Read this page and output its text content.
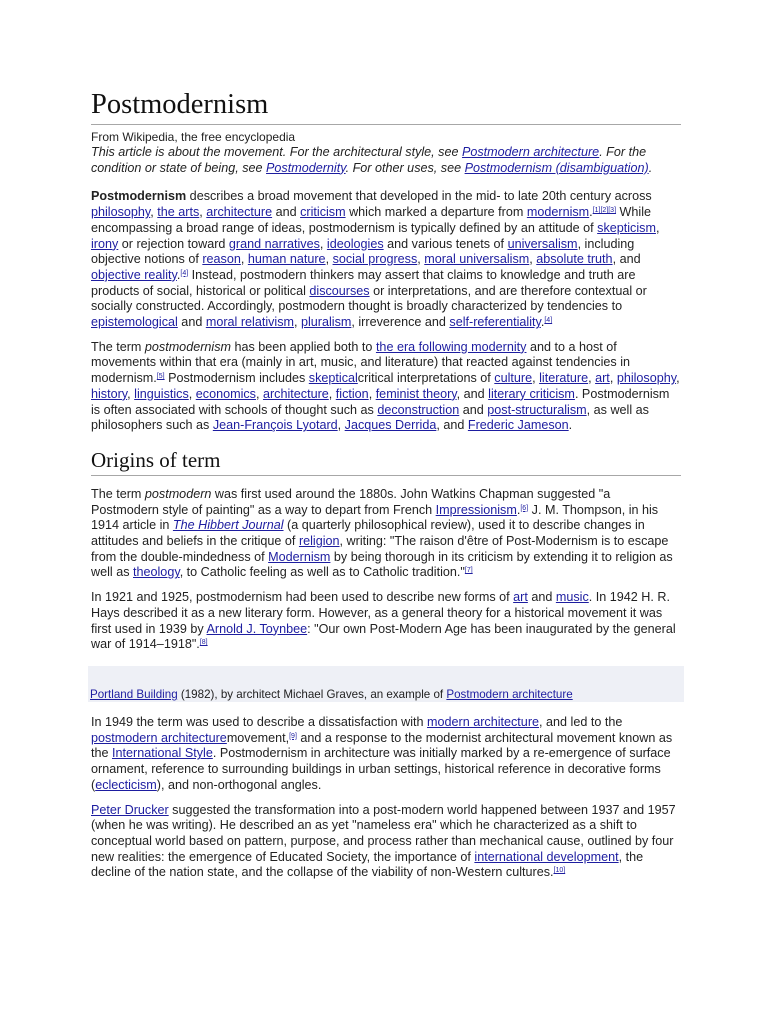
Postmodernism

From Wikipedia, the free encyclopedia

This article is about the movement. For the architectural style, see Postmodern architecture. For the condition or state of being, see Postmodernity. For other uses, see Postmodernism (disambiguation).

Postmodernism describes a broad movement that developed in the mid- to late 20th century across philosophy, the arts, architecture and criticism which marked a departure from modernism.[1][2][3] While encompassing a broad range of ideas, postmodernism is typically defined by an attitude of skepticism, irony or rejection toward grand narratives, ideologies and various tenets of universalism, including objective notions of reason, human nature, social progress, moral universalism, absolute truth, and objective reality.[4] Instead, postmodern thinkers may assert that claims to knowledge and truth are products of social, historical or political discourses or interpretations, and are therefore contextual or socially constructed. Accordingly, postmodern thought is broadly characterized by tendencies to epistemological and moral relativism, pluralism, irreverence and self-referentiality.[4]

The term postmodernism has been applied both to the era following modernity and to a host of movements within that era (mainly in art, music, and literature) that reacted against tendencies in modernism.[5] Postmodernism includes skepticalcritical interpretations of culture, literature, art, philosophy, history, linguistics, economics, architecture, fiction, feminist theory, and literary criticism. Postmodernism is often associated with schools of thought such as deconstruction and post-structuralism, as well as philosophers such as Jean-François Lyotard, Jacques Derrida, and Frederic Jameson.

Origins of term

The term postmodern was first used around the 1880s. John Watkins Chapman suggested "a Postmodern style of painting" as a way to depart from French Impressionism.[6] J. M. Thompson, in his 1914 article in The Hibbert Journal (a quarterly philosophical review), used it to describe changes in attitudes and beliefs in the critique of religion, writing: "The raison d'être of Post-Modernism is to escape from the double-mindedness of Modernism by being thorough in its criticism by extending it to religion as well as theology, to Catholic feeling as well as to Catholic tradition."[7]

In 1921 and 1925, postmodernism had been used to describe new forms of art and music. In 1942 H. R. Hays described it as a new literary form. However, as a general theory for a historical movement it was first used in 1939 by Arnold J. Toynbee: "Our own Post-Modern Age has been inaugurated by the general war of 1914–1918".[8]

Portland Building (1982), by architect Michael Graves, an example of Postmodern architecture

In 1949 the term was used to describe a dissatisfaction with modern architecture, and led to the postmodern architecturemovement,[9] and a response to the modernist architectural movement known as the International Style. Postmodernism in architecture was initially marked by a re-emergence of surface ornament, reference to surrounding buildings in urban settings, historical reference in decorative forms (eclecticism), and non-orthogonal angles.

Peter Drucker suggested the transformation into a post-modern world happened between 1937 and 1957 (when he was writing). He described an as yet "nameless era" which he characterized as a shift to conceptual world based on pattern, purpose, and process rather than mechanical cause, outlined by four new realities: the emergence of Educated Society, the importance of international development, the decline of the nation state, and the collapse of the viability of non-Western cultures.[10]
